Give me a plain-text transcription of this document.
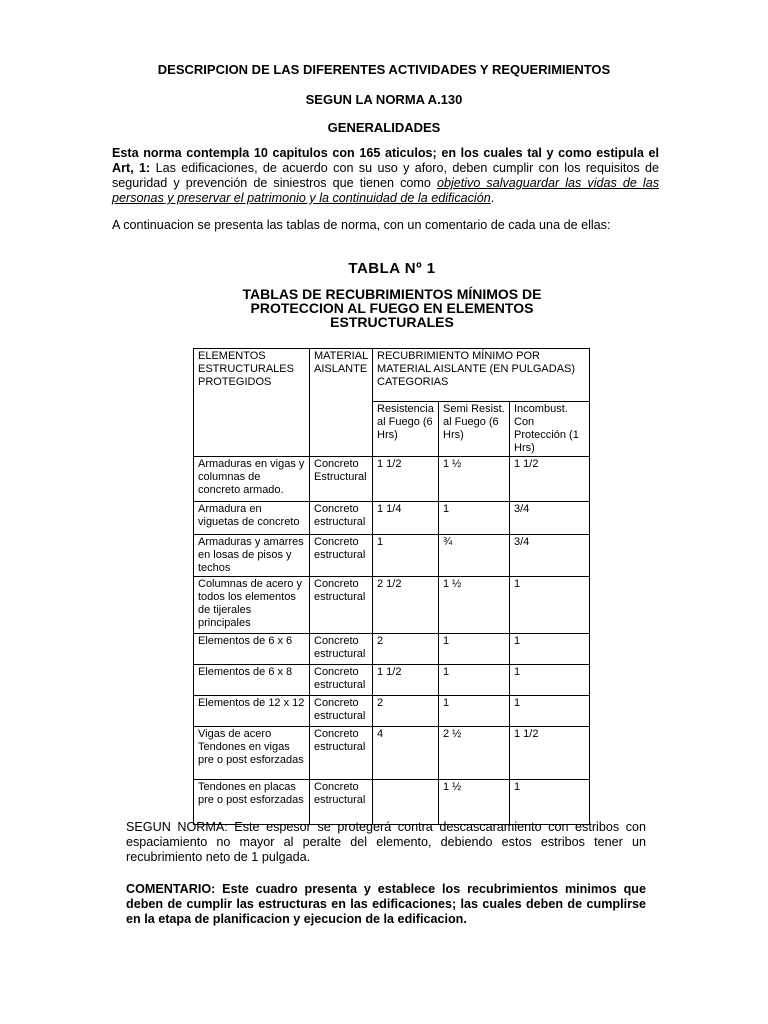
DESCRIPCION DE LAS DIFERENTES ACTIVIDADES Y REQUERIMIENTOS
SEGUN LA NORMA A.130
GENERALIDADES
Esta norma contempla 10 capitulos con 165 aticulos; en los cuales tal y como estipula el Art, 1: Las edificaciones, de acuerdo con su uso y aforo, deben cumplir con los requisitos de seguridad y prevención de siniestros que tienen como objetivo salvaguardar las vidas de las personas y preservar el patrimonio y la continuidad de la edificación.
A continuacion se presenta las tablas de norma, con un comentario de cada una de ellas:
TABLA Nº 1
TABLAS DE RECUBRIMIENTOS MÍNIMOS DE
PROTECCION AL FUEGO EN ELEMENTOS
ESTRUCTURALES
ELEMENTOS ESTRUCTURALES PROTEGIDOS	MATERIAL AISLANTE	RECUBRIMIENTO MÍNIMO POR MATERIAL AISLANTE (EN PULGADAS) CATEGORIAS		
		Resistencia al Fuego (6 Hrs)	Semi Resist. al Fuego (6 Hrs)	Incombust. Con Protección (1 Hrs)
Armaduras en vigas y columnas de concreto armado.	Concreto Estructural	1 1/2	1 ½	1 1/2
Armadura en viguetas de concreto	Concreto estructural	1 1/4	1	3/4
Armaduras y amarres en losas de pisos y techos	Concreto estructural	1	¾	3/4
Columnas de acero y todos los elementos de tijerales principales	Concreto estructural	2 1/2	1 ½	1
Elementos de 6 x 6	Concreto estructural	2	1	1
Elementos de 6 x 8	Concreto estructural	1 1/2	1	1
Elementos de 12 x 12	Concreto estructural	2	1	1
Vigas de acero Tendones en vigas pre o post esforzadas	Concreto estructural	4	2 ½	1 1/2
Tendones en placas pre o post esforzadas	Concreto estructural		1 ½	1
SEGUN NORMA: Este espesor se protegerá contra descascaramiento con estribos con espaciamiento no mayor al peralte del elemento, debiendo estos estribos tener un recubrimiento neto de 1 pulgada.
COMENTARIO: Este cuadro presenta y establece los recubrimientos minimos que deben de cumplir las estructuras en las edificaciones; las cuales deben de cumplirse en la etapa de planificacion y ejecucion de la edificacion.
